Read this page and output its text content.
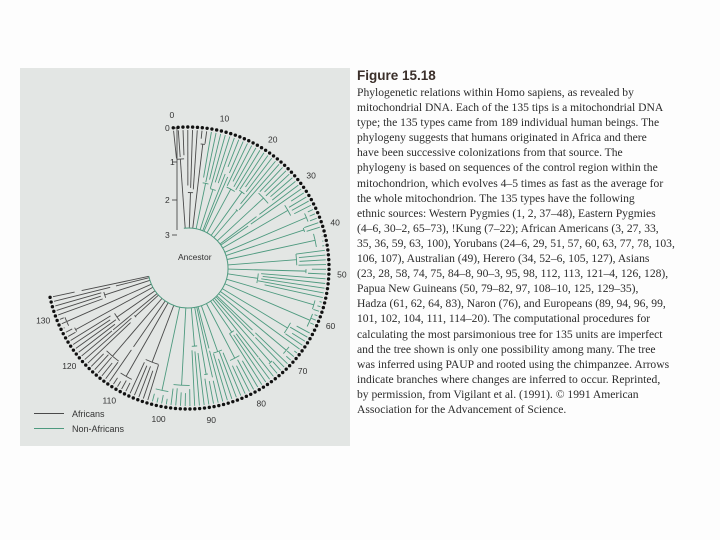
0	10
20
30
40
50
60
70
80
90
100
110
120
130
0
1
2
3
Ancestor
Africans
Non-Africans
Figure 15.18

Phylogenetic relations within Homo sapiens, as revealed by

mitochondrial DNA. Each of the 135 tips is a mitochondrial DNA

type; the 135 types came from 189 individual human beings. The

phylogeny suggests that humans originated in Africa and there

have been successive colonizations from that source. The

phylogeny is based on sequences of the control region within the

mitochondrion, which evolves 4–5 times as fast as the average for

the whole mitochondrion. The 135 types have the following

ethnic sources: Western Pygmies (1, 2, 37–48), Eastern Pygmies

(4–6, 30–2, 65–73), !Kung (7–22); African Americans (3, 27, 33,

35, 36, 59, 63, 100), Yorubans (24–6, 29, 51, 57, 60, 63, 77, 78, 103,

106, 107), Australian (49), Herero (34, 52–6, 105, 127), Asians

(23, 28, 58, 74, 75, 84–8, 90–3, 95, 98, 112, 113, 121–4, 126, 128),

Papua New Guineans (50, 79–82, 97, 108–10, 125, 129–35),

Hadza (61, 62, 64, 83), Naron (76), and Europeans (89, 94, 96, 99,

101, 102, 104, 111, 114–20). The computational procedures for

calculating the most parsimonious tree for 135 units are imperfect

and the tree shown is only one possibility among many. The tree

was inferred using PAUP and rooted using the chimpanzee. Arrows

indicate branches where changes are inferred to occur. Reprinted,

by permission, from Vigilant et al. (1991). © 1991 American

Association for the Advancement of Science.
